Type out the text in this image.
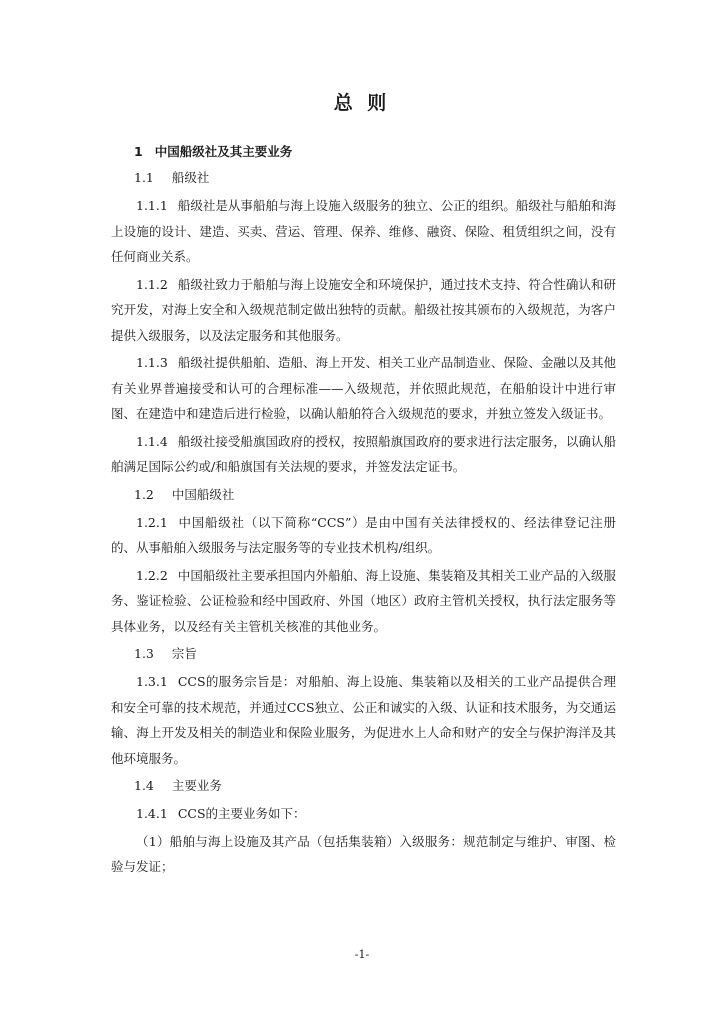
总 则
1 中国船级社及其主要业务
1.1 船级社

1.1.1 船级社是从事船舶与海上设施入级服务的独立、公正的组织。船级社与船舶和海上设施的设计、建造、买卖、营运、管理、保养、维修、融资、保险、租赁组织之间，没有任何商业关系。

1.1.2 船级社致力于船舶与海上设施安全和环境保护，通过技术支持、符合性确认和研究开发，对海上安全和入级规范制定做出独特的贡献。船级社按其颁布的入级规范，为客户提供入级服务，以及法定服务和其他服务。

1.1.3 船级社提供船舶、造船、海上开发、相关工业产品制造业、保险、金融以及其他有关业界普遍接受和认可的合理标准——入级规范，并依照此规范，在船舶设计中进行审图、在建造中和建造后进行检验，以确认船舶符合入级规范的要求，并独立签发入级证书。

1.1.4 船级社接受船旗国政府的授权，按照船旗国政府的要求进行法定服务，以确认船舶满足国际公约或/和船旗国有关法规的要求，并签发法定证书。

1.2 中国船级社

1.2.1 中国船级社（以下简称“CCS”）是由中国有关法律授权的、经法律登记注册的、从事船舶入级服务与法定服务等的专业技术机构/组织。

1.2.2 中国船级社主要承担国内外船舶、海上设施、集装箱及其相关工业产品的入级服务、鉴证检验、公证检验和经中国政府、外国（地区）政府主管机关授权，执行法定服务等具体业务，以及经有关主管机关核准的其他业务。

1.3 宗旨

1.3.1 CCS的服务宗旨是：对船舶、海上设施、集装箱以及相关的工业产品提供合理和安全可靠的技术规范，并通过CCS独立、公正和诚实的入级、认证和技术服务，为交通运输、海上开发及相关的制造业和保险业服务，为促进水上人命和财产的安全与保护海洋及其他环境服务。

1.4 主要业务

1.4.1 CCS的主要业务如下：

（1）船舶与海上设施及其产品（包括集装箱）入级服务：规范制定与维护、审图、检验与发证；

-1-
